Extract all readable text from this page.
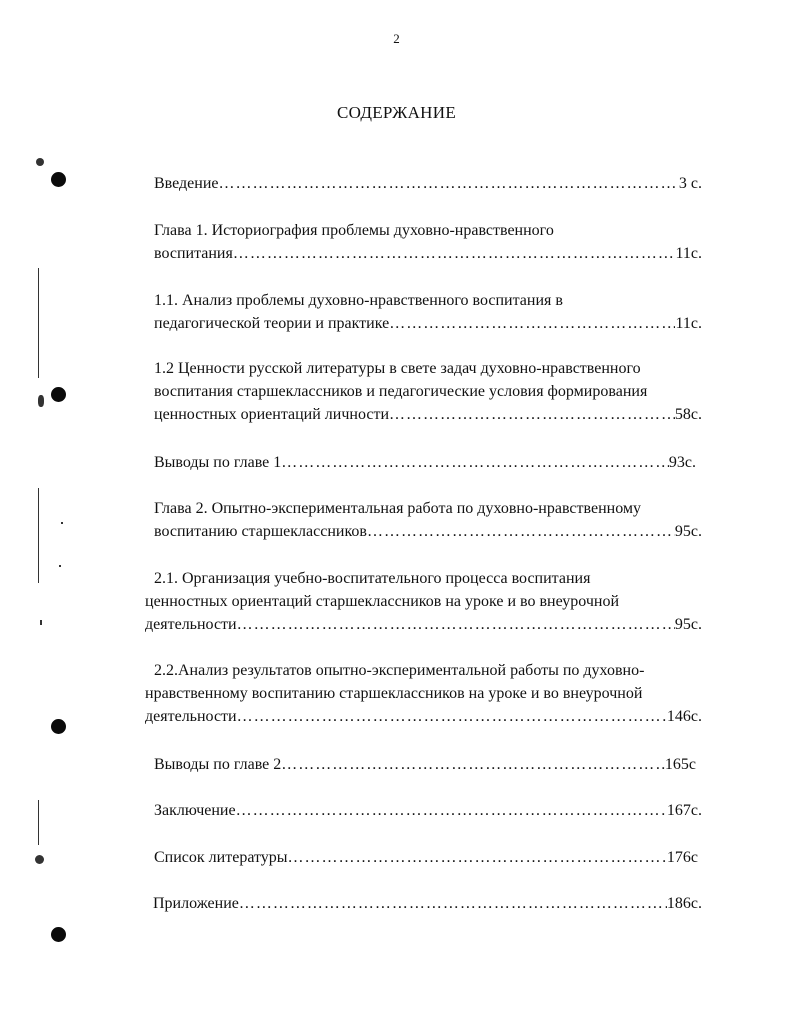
2
СОДЕРЖАНИЕ
Введение …………………………………………………………………………………………………………………………	3 с.
Глава 1. Историография проблемы духовно-нравственного
воспитания …………………………………………………………………………………………………………………………	11с.
1.1. Анализ проблемы духовно-нравственного воспитания в
педагогической теории и практике …………………………………………………………………………………………………………………………	11с.
1.2 Ценности русской литературы в свете задач духовно-нравственного
воспитания старшеклассников и педагогические условия формирования
ценностных ориентаций личности …………………………………………………………………………………………………………………………	58с.
Выводы по главе 1 …………………………………………………………………………………………………………………………	93с.
Глава 2. Опытно-экспериментальная работа по духовно-нравственному
воспитанию старшеклассников …………………………………………………………………………………………………………………………	95с.
2.1. Организация учебно-воспитательного процесса воспитания
ценностных ориентаций старшеклассников на уроке и во внеурочной
деятельности …………………………………………………………………………………………………………………………	95с.
2.2.Анализ результатов опытно-экспериментальной работы по духовно-
нравственному воспитанию старшеклассников на уроке и во внеурочной
деятельности …………………………………………………………………………………………………………………………	146с.
Выводы по главе 2 …………………………………………………………………………………………………………………………	165с
Заключение …………………………………………………………………………………………………………………………	167с.
Список литературы …………………………………………………………………………………………………………………………	176с
Приложение …………………………………………………………………………………………………………………………	186с.
